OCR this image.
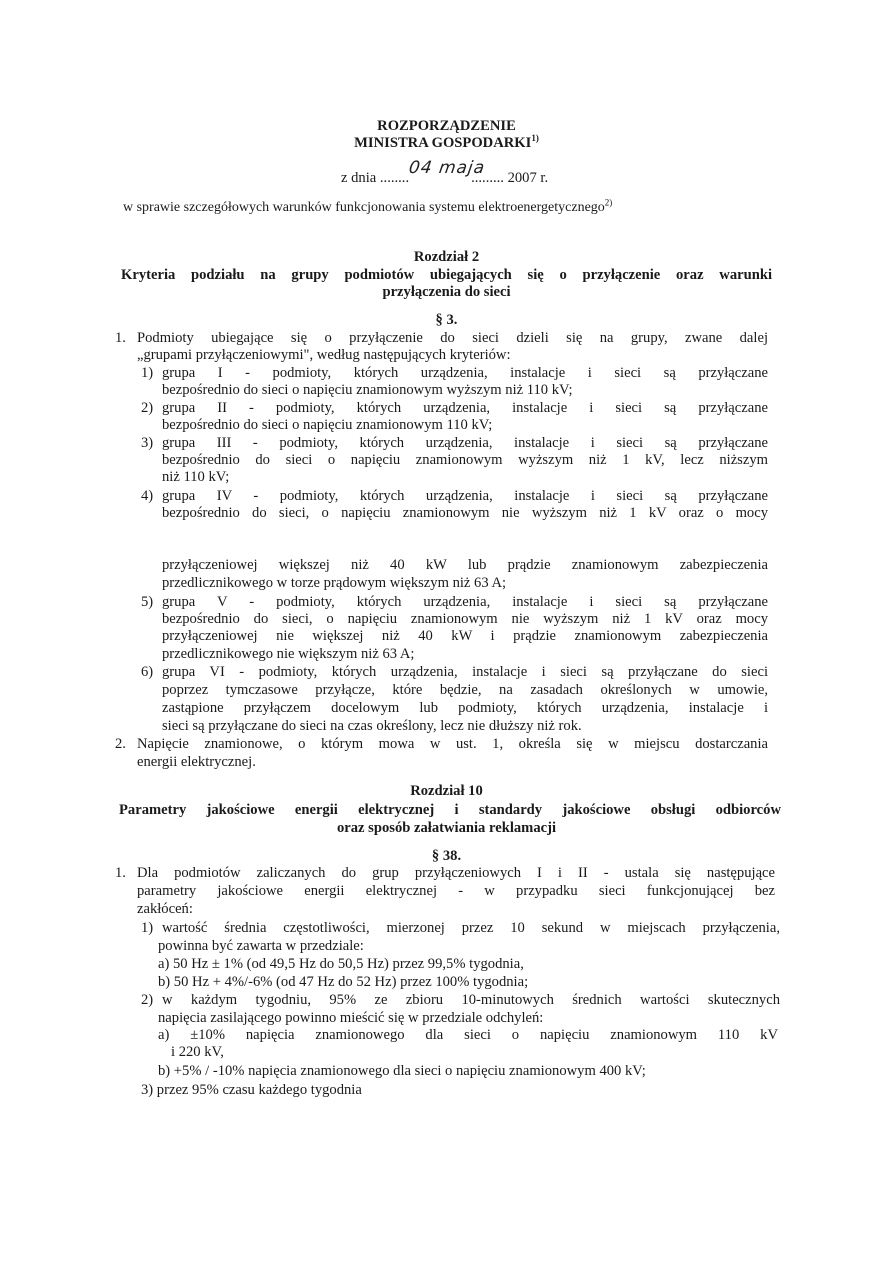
ROZPORZĄDZENIE
MINISTRA GOSPODARKI$^{1)}$
z dnia ........	......... 2007 r.
04 maja
w sprawie szczegółowych warunków funkcjonowania systemu elektroenergetycznego$^{2)}$
Rozdział 2
Kryteria podziału na grupy podmiotów ubiegających się o przyłączenie oraz warunki
przyłączenia do sieci
§ 3.
1. Podmioty ubiegające się o przyłączenie do sieci dzieli się na grupy, zwane dalej
„grupami przyłączeniowymi", według następujących kryteriów:
1) grupa I - podmioty, których urządzenia, instalacje i sieci są przyłączane
bezpośrednio do sieci o napięciu znamionowym wyższym niż 110 kV;
2) grupa II - podmioty, których urządzenia, instalacje i sieci są przyłączane
bezpośrednio do sieci o napięciu znamionowym 110 kV;
3) grupa III - podmioty, których urządzenia, instalacje i sieci są przyłączane
bezpośrednio do sieci o napięciu znamionowym wyższym niż 1 kV, lecz niższym
niż 110 kV;
4) grupa IV - podmioty, których urządzenia, instalacje i sieci są przyłączane
bezpośrednio do sieci, o napięciu znamionowym nie wyższym niż 1 kV oraz o mocy
przyłączeniowej większej niż 40 kW lub prądzie znamionowym zabezpieczenia
przedlicznikowego w torze prądowym większym niż 63 A;
5) grupa V - podmioty, których urządzenia, instalacje i sieci są przyłączane
bezpośrednio do sieci, o napięciu znamionowym nie wyższym niż 1 kV oraz mocy
przyłączeniowej nie większej niż 40 kW i prądzie znamionowym zabezpieczenia
przedlicznikowego nie większym niż 63 A;
6) grupa VI - podmioty, których urządzenia, instalacje i sieci są przyłączane do sieci
poprzez tymczasowe przyłącze, które będzie, na zasadach określonych w umowie,
zastąpione przyłączem docelowym lub podmioty, których urządzenia, instalacje i
sieci są przyłączane do sieci na czas określony, lecz nie dłuższy niż rok.
2. Napięcie znamionowe, o którym mowa w ust. 1, określa się w miejscu dostarczania
energii elektrycznej.
Rozdział 10
Parametry jakościowe energii elektrycznej i standardy jakościowe obsługi odbiorców
oraz sposób załatwiania reklamacji
§ 38.
1. Dla podmiotów zaliczanych do grup przyłączeniowych I i II - ustala się następujące
parametry jakościowe energii elektrycznej - w przypadku sieci funkcjonującej bez
zakłóceń:
1) wartość średnia częstotliwości, mierzonej przez 10 sekund w miejscach przyłączenia,
powinna być zawarta w przedziale:
a) 50 Hz ± 1% (od 49,5 Hz do 50,5 Hz) przez 99,5% tygodnia,
b) 50 Hz + 4%/-6% (od 47 Hz do 52 Hz) przez 100% tygodnia;
2) w każdym tygodniu, 95% ze zbioru 10-minutowych średnich wartości skutecznych
napięcia zasilającego powinno mieścić się w przedziale odchyleń:
a) ±10% napięcia znamionowego dla sieci o napięciu znamionowym 110 kV
i 220 kV,
b) +5% / -10% napięcia znamionowego dla sieci o napięciu znamionowym 400 kV;
3) przez 95% czasu każdego tygodnia
